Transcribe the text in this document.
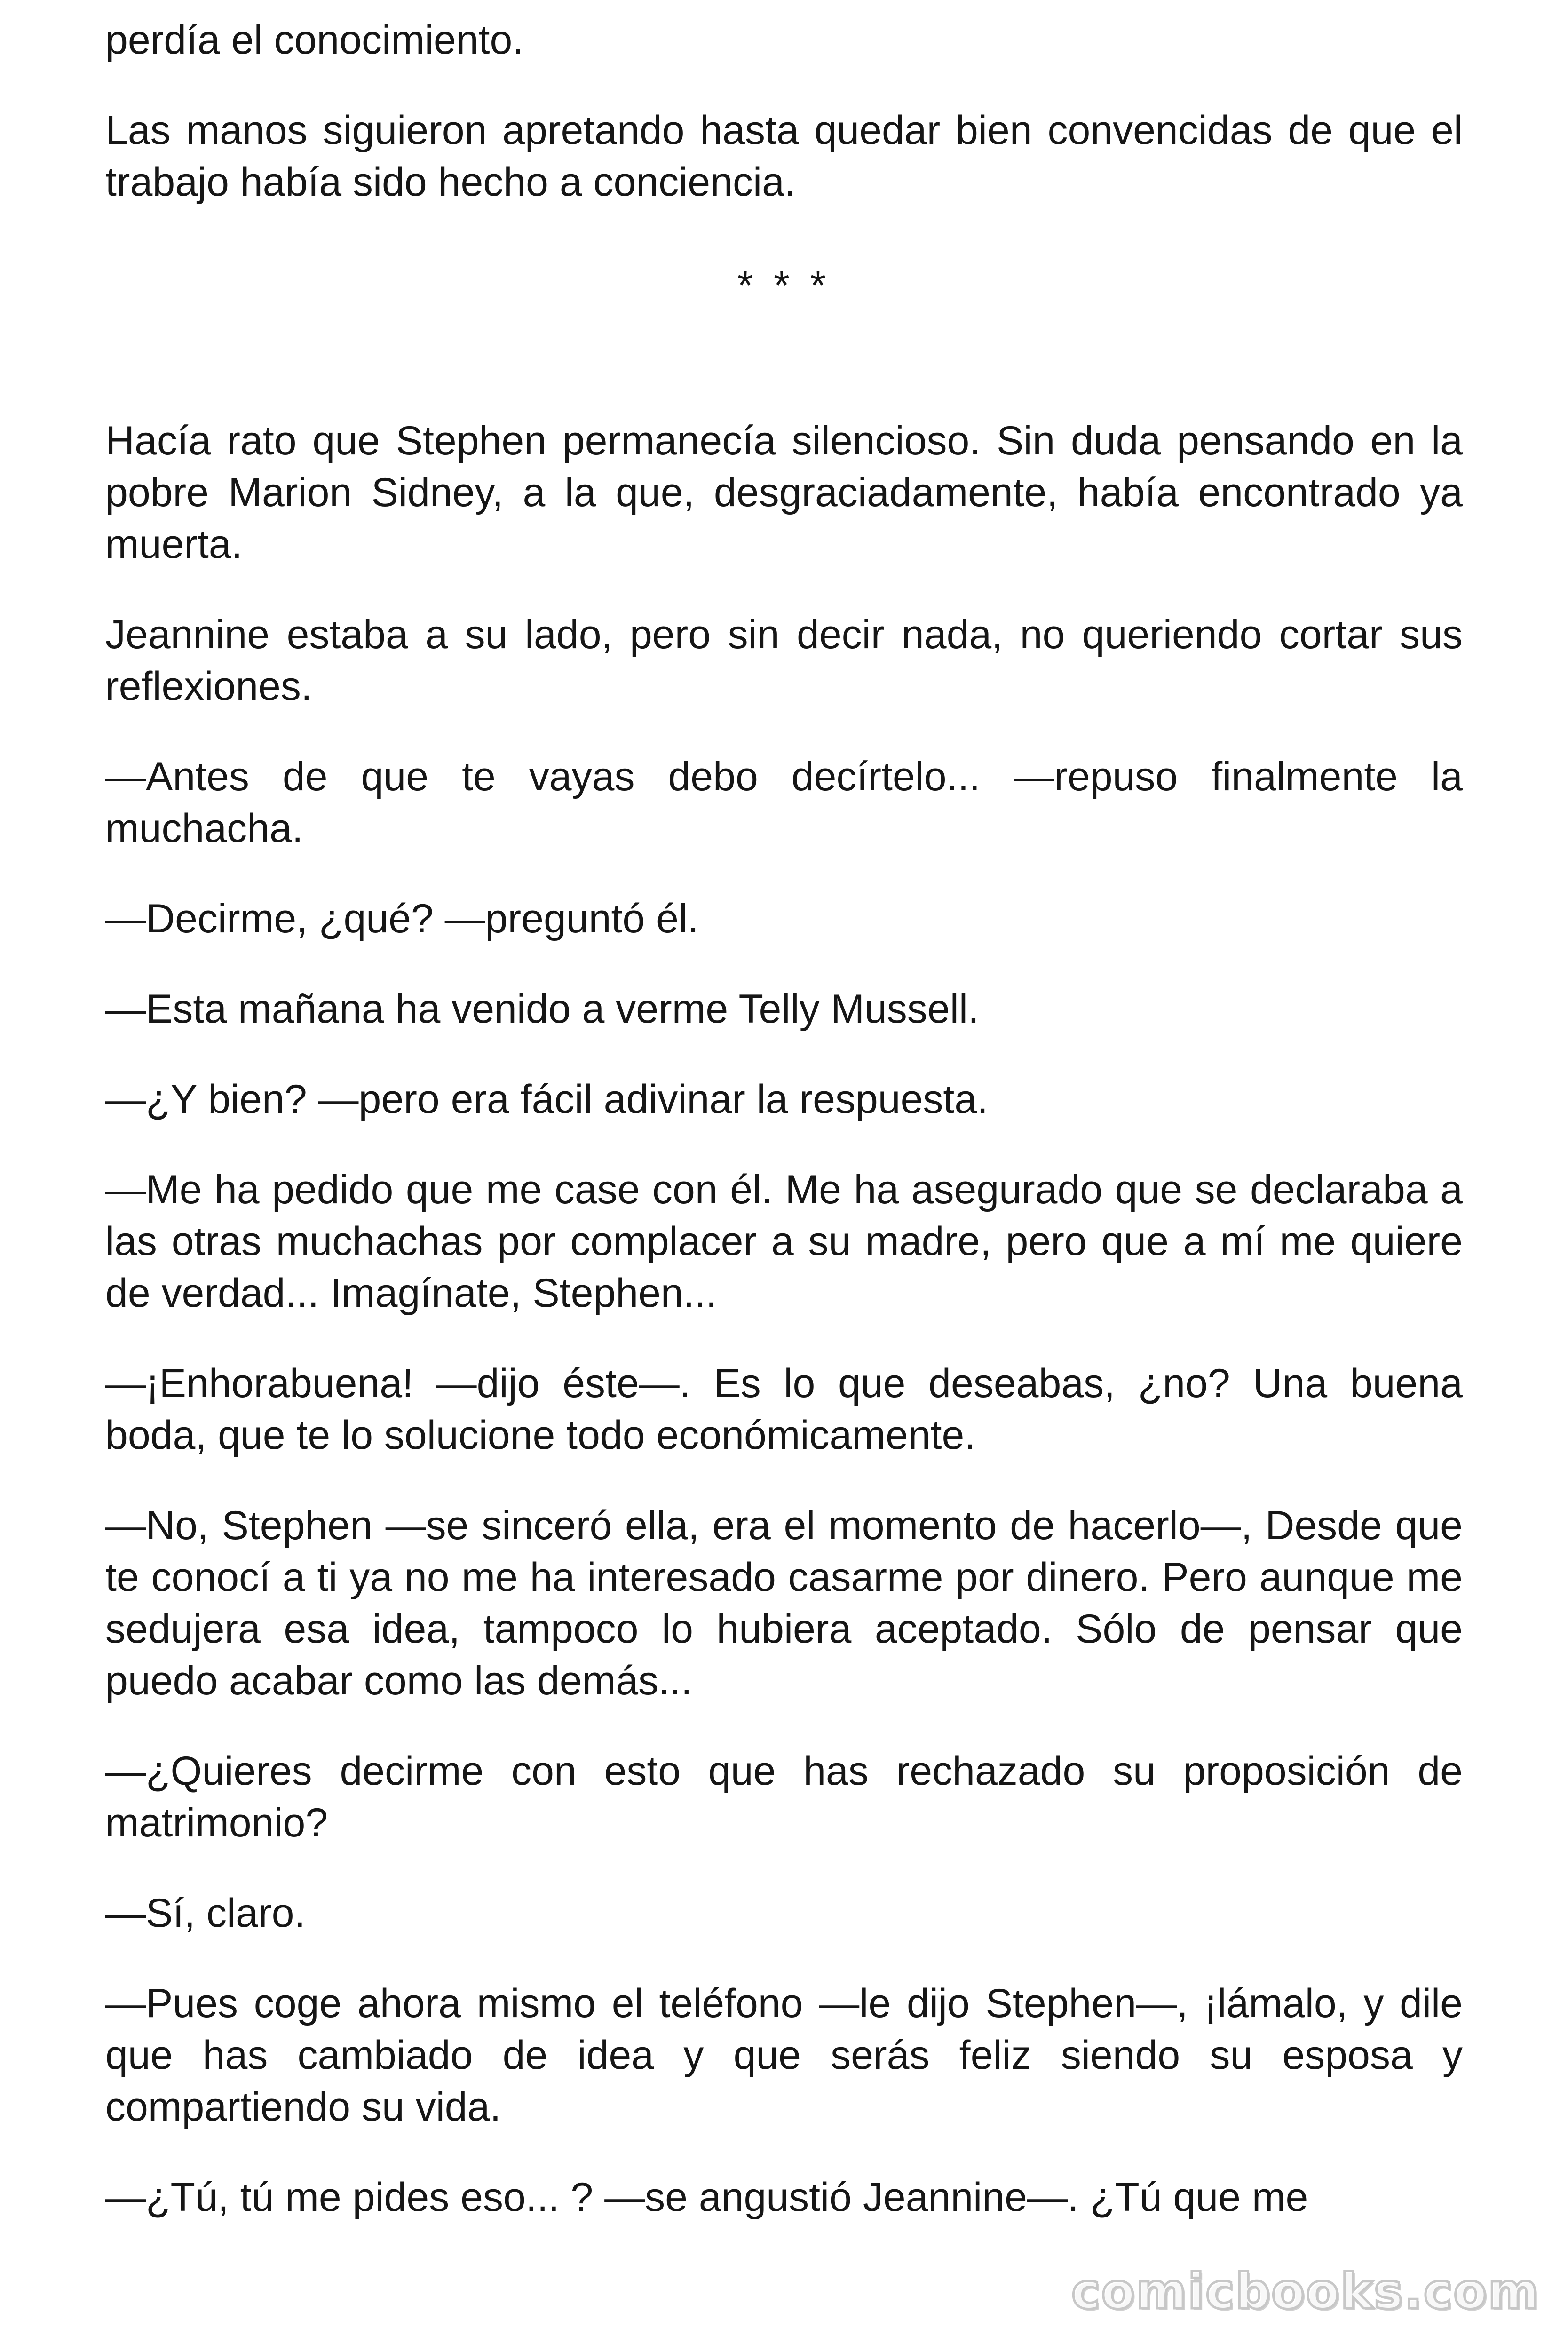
perdía el conocimiento.

Las manos siguieron apretando hasta quedar bien convencidas de que el trabajo había sido hecho a conciencia.

* * *

Hacía rato que Stephen permanecía silencioso. Sin duda pensando en la pobre Marion Sidney, a la que, desgraciadamente, había encontrado ya muerta.

Jeannine estaba a su lado, pero sin decir nada, no queriendo cortar sus reflexiones.

—Antes de que te vayas debo decírtelo... —repuso finalmente la muchacha.

—Decirme, ¿qué? —preguntó él.

—Esta mañana ha venido a verme Telly Mussell.

—¿Y bien? —pero era fácil adivinar la respuesta.

—Me ha pedido que me case con él. Me ha asegurado que se declaraba a las otras muchachas por complacer a su madre, pero que a mí me quiere de verdad... Imagínate, Stephen...

—¡Enhorabuena! —dijo éste—. Es lo que deseabas, ¿no? Una buena boda, que te lo solucione todo económicamente.

—No, Stephen —se sinceró ella, era el momento de hacerlo—, Desde que te conocí a ti ya no me ha interesado casarme por dinero. Pero aunque me sedujera esa idea, tampoco lo hubiera aceptado. Sólo de pensar que puedo acabar como las demás...

—¿Quieres decirme con esto que has rechazado su proposición de matrimonio?

—Sí, claro.

—Pues coge ahora mismo el teléfono —le dijo Stephen—, ¡lámalo, y dile que has cambiado de idea y que serás feliz siendo su esposa y compartiendo su vida.

—¿Tú, tú me pides eso... ? —se angustió Jeannine—. ¿Tú que me

comicbooks.com
